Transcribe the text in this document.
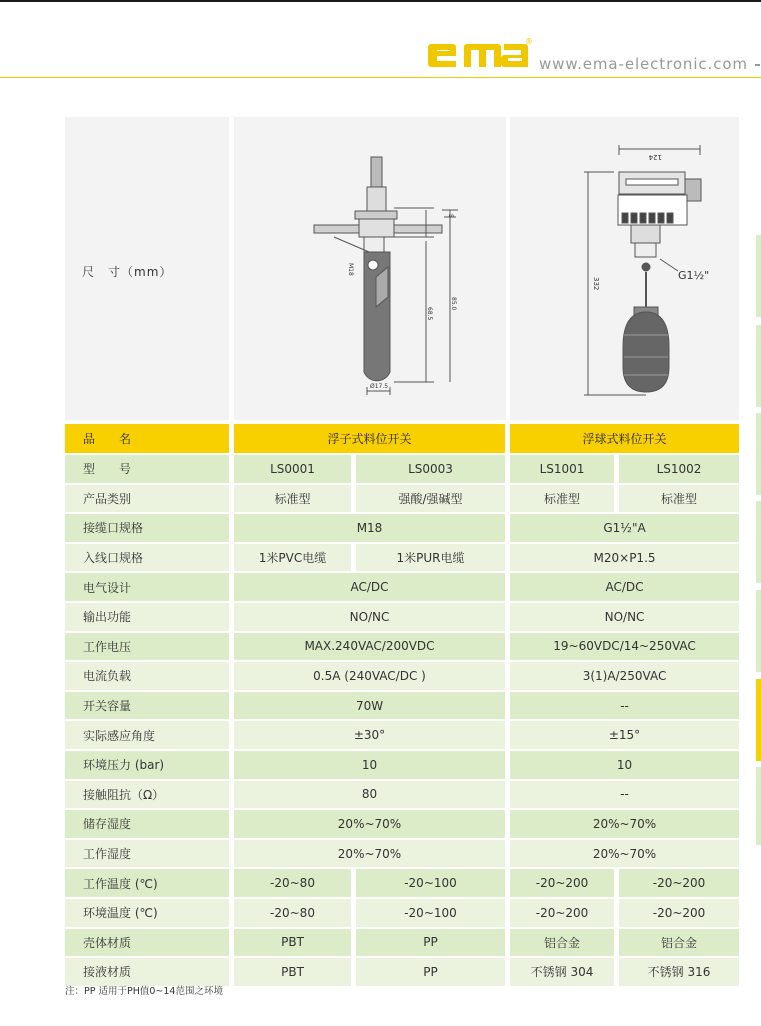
®
www.ema-electronic.com
尺　寸（mm）	M18
5
68.5
85.0
Ø17.5
124
332
G1½"
品　　名	浮子式料位开关		浮球式料位开关	
型　　号	LS0001	LS0003	LS1001	LS1002
产品类别	标准型	强酸/强碱型	标准型	标准型
接缆口规格	M18		G1½"A	
入线口规格	1米PVC电缆	1米PUR电缆	M20×P1.5	
电气设计	AC/DC		AC/DC	
输出功能	NO/NC		NO/NC	
工作电压	MAX.240VAC/200VDC		19~60VDC/14~250VAC	
电流负载	0.5A (240VAC/DC )		3(1)A/250VAC	
开关容量	70W		--	
实际感应角度	±30°		±15°	
环境压力 (bar)	10		10	
接触阻抗（Ω）	80		--	
储存湿度	20%~70%		20%~70%	
工作湿度	20%~70%		20%~70%	
工作温度 (℃)	-20~80	-20~100	-20~200	-20~200
环境温度 (℃)	-20~80	-20~100	-20~200	-20~200
壳体材质	PBT	PP	铝合金	铝合金
接液材质	PBT	PP	不锈钢 304	不锈钢 316
注：PP 适用于PH值0~14范围之环境
